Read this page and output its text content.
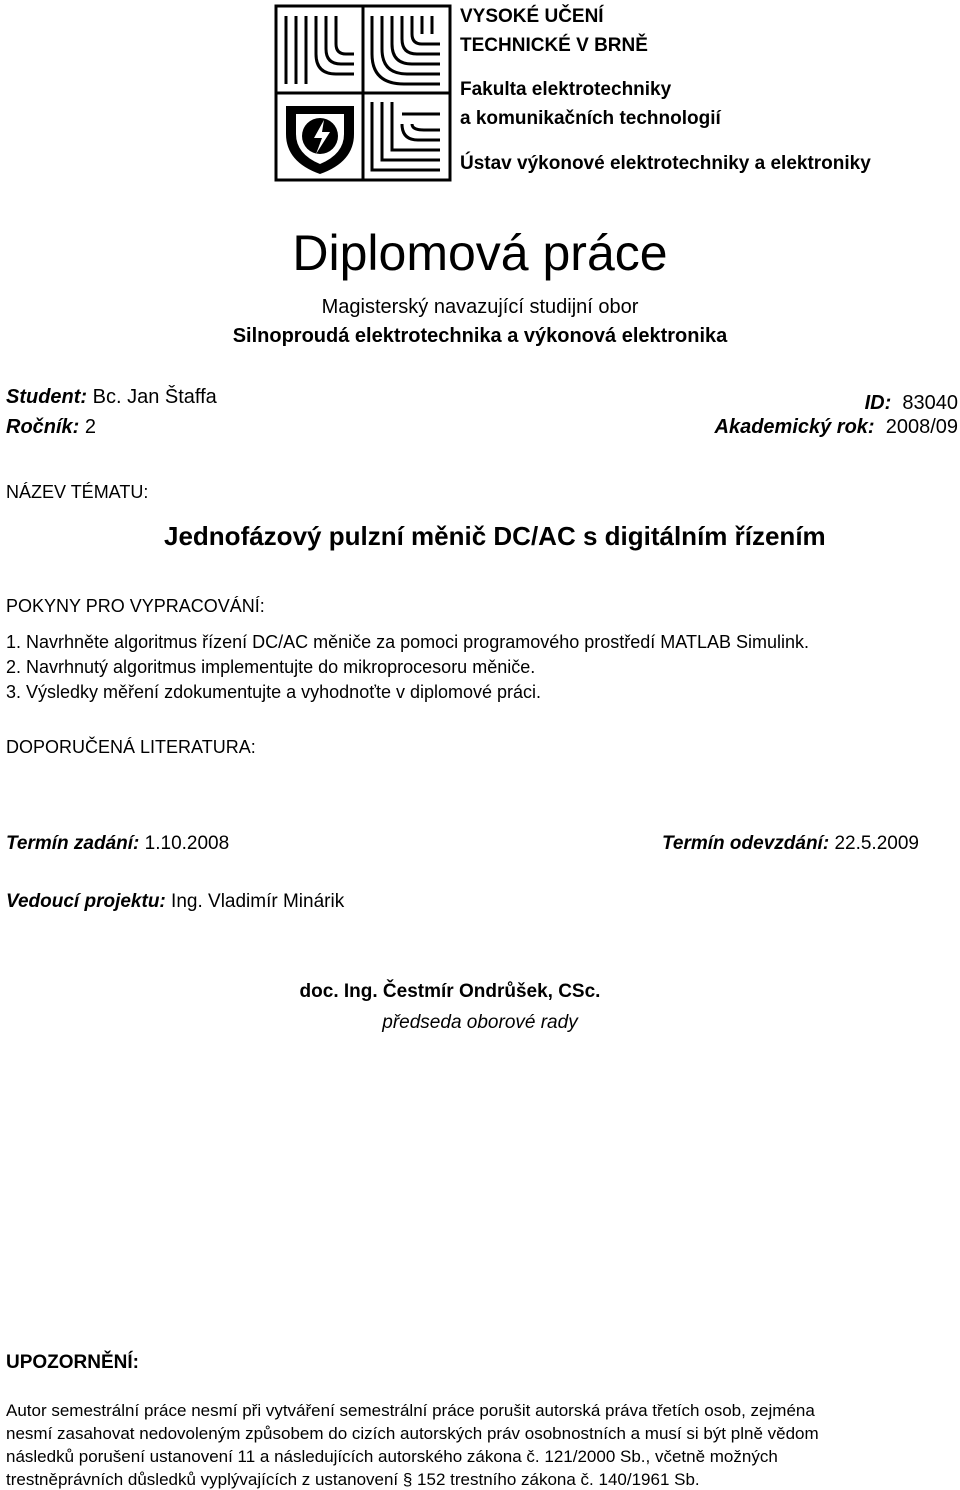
VYSOKÉ UČENÍ
TECHNICKÉ V BRNĚ
Fakulta elektrotechniky
a komunikačních technologií
Ústav výkonové elektrotechniky a elektroniky
Diplomová práce
Magisterský navazující studijní obor
Silnoproudá elektrotechnika a výkonová elektronika
Student: Bc. Jan Štaffa	ID: 83040
Ročník: 2	Akademický rok: 2008/09
NÁZEV TÉMATU:
Jednofázový pulzní měnič DC/AC s digitálním řízením
POKYNY PRO VYPRACOVÁNÍ:
1. Navrhněte algoritmus řízení DC/AC měniče za pomoci programového prostředí MATLAB Simulink.
2. Navrhnutý algoritmus implementujte do mikroprocesoru měniče.
3. Výsledky měření zdokumentujte a vyhodnoťte v diplomové práci.
DOPORUČENÁ LITERATURA:
Termín zadání: 1.10.2008	Termín odevzdání: 22.5.2009
Vedoucí projektu: Ing. Vladimír Minárik
doc. Ing. Čestmír Ondrůšek, CSc.
předseda oborové rady
UPOZORNĚNÍ:
Autor semestrální práce nesmí při vytváření semestrální práce porušit autorská práva třetích osob, zejména
nesmí zasahovat nedovoleným způsobem do cizích autorských práv osobnostních a musí si být plně vědom
následků porušení ustanovení 11 a následujících autorského zákona č. 121/2000 Sb., včetně možných
trestněprávních důsledků vyplývajících z ustanovení § 152 trestního zákona č. 140/1961 Sb.
